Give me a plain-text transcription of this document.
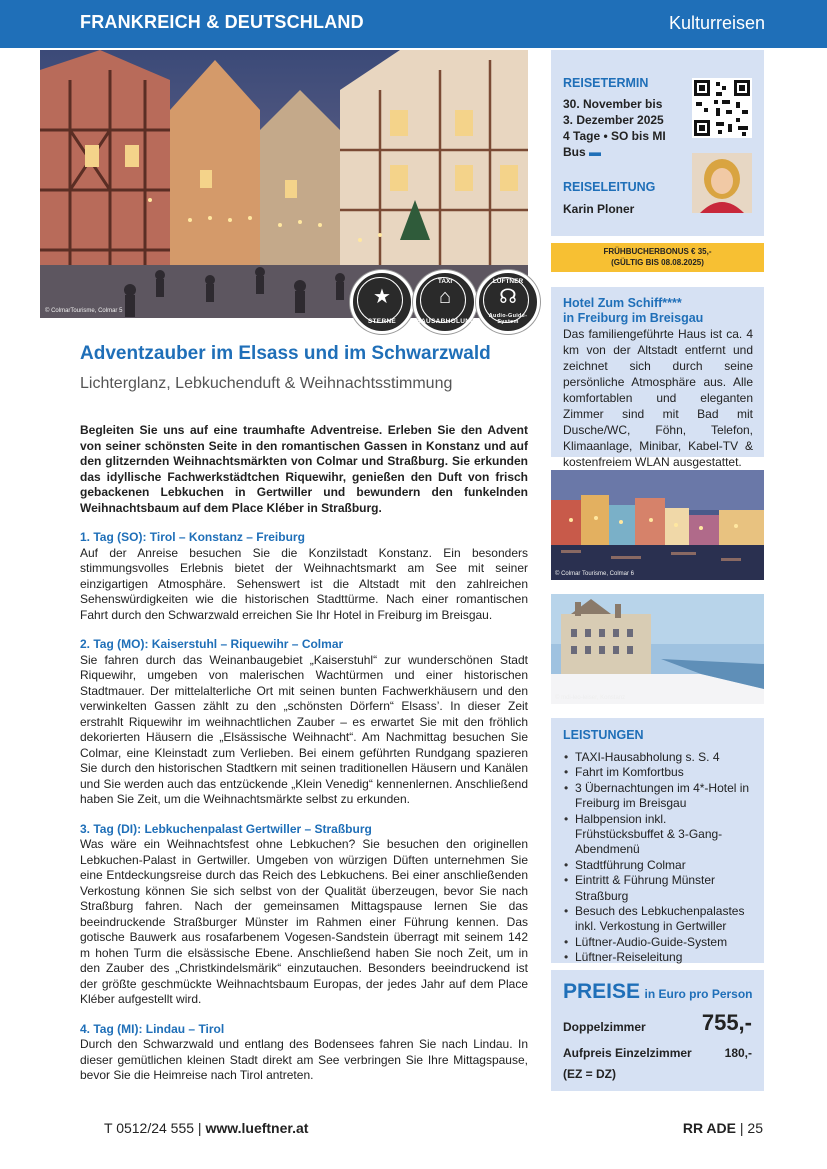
FRANKREICH & DEUTSCHLAND	Kulturreisen
© ColmarTourisme, Colmar 5
★
STERNE
TAXI
⌂
HAUSABHOLUNG
LÜFTNER
☊
Audio-Guide-System
Adventzauber im Elsass und im Schwarzwald
Lichterglanz, Lebkuchenduft & Weihnachtsstimmung

Begleiten Sie uns auf eine traumhafte Adventreise. Erleben Sie den Advent von seiner schönsten Seite in den romantischen Gassen in Konstanz und auf den glitzernden Weihnachtsmärkten von Colmar und Straßburg. Sie erkunden das idyllische Fachwerkstädtchen Riquewihr, genießen den Duft von frisch gebackenen Lebkuchen in Gertwiller und bewundern den funkelnden Weihnachtsbaum auf dem Place Kléber in Straßburg.

1. Tag (SO): Tirol – Konstanz – Freiburg

Auf der Anreise besuchen Sie die Konzilstadt Konstanz. Ein besonders stimmungsvolles Erlebnis bietet der Weihnachtsmarkt am See mit seiner einzigartigen Atmosphäre. Sehenswert ist die Altstadt mit den zahlreichen Sehenswürdigkeiten wie die historischen Stadttürme. Nach einer romantischen Fahrt durch den Schwarzwald erreichen Sie Ihr Hotel in Freiburg im Breisgau.

2. Tag (MO): Kaiserstuhl – Riquewihr – Colmar

Sie fahren durch das Weinanbaugebiet „Kaiserstuhl“ zur wunderschönen Stadt Riquewihr, umgeben von malerischen Wachtürmen und einer historischen Stadtmauer. Der mittelalterliche Ort mit seinen bunten Fachwerkhäusern und den verwinkelten Gassen zählt zu den „schönsten Dörfern“ Elsass’. In dieser Zeit erstrahlt Riquewihr im weihnachtlichen Zauber – es erwartet Sie mit den fröhlich dekorierten Häusern die „Elsässische Weihnacht“. Am Nachmittag besuchen Sie Colmar, eine Kleinstadt zum Verlieben. Bei einem geführten Rundgang spazieren Sie durch den historischen Stadtkern mit seinen traditionellen Häusern und Kanälen und Sie werden auch das entzückende „Klein Venedig“ kennenlernen. Anschließend haben Sie Zeit, um die Weihnachtsmärkte selbst zu erkunden.

3. Tag (DI): Lebkuchenpalast Gertwiller – Straßburg

Was wäre ein Weihnachtsfest ohne Lebkuchen? Sie besuchen den originellen Lebkuchen-Palast in Gertwiller. Umgeben von würzigen Düften unternehmen Sie eine Entdeckungsreise durch das Reich des Lebkuchens. Bei einer anschließenden Verkostung können Sie sich selbst von der Qualität überzeugen, bevor Sie nach Straßburg fahren. Nach der gemeinsamen Mittagspause lernen Sie das beeindruckende Straßburger Münster im Rahmen einer Führung kennen. Das gotische Bauwerk aus rosafarbenem Vogesen-Sandstein überragt mit seinem 142 m hohen Turm die elsässische Ebene. Anschließend haben Sie noch Zeit, um in den Zauber des „Christkindelsmärik“ einzutauchen. Besonders beeindruckend ist der größte geschmückte Weihnachtsbaum Europas, der jedes Jahr auf dem Place Kléber aufgestellt wird.

4. Tag (MI): Lindau – Tirol

Durch den Schwarzwald und entlang des Bodensees fahren Sie nach Lindau. In dieser gemütlichen kleinen Stadt direkt am See verbringen Sie Ihre Mittagspause, bevor Sie die Heimreise nach Tirol antreten.

REISETERMIN
30. November bis
3. Dezember 2025
4 Tage • SO bis MI
Bus ▬
REISELEITUNG
Karin Ploner
FRÜHBUCHERBONUS € 35,-
(GÜLTIG BIS 08.08.2025)
Hotel Zum Schiff****
in Freiburg im Breisgau
Das familiengeführte Haus ist ca. 4 km von der Altstadt entfernt und zeichnet sich durch seine persönliche Atmosphäre aus. Alle komfortablen und eleganten Zimmer sind mit Bad mit Dusche/WC, Föhn, Telefon, Klimaanlage, Minibar, Kabel-TV & kostenfreiem WLAN ausgestattet.
© Colmar Tourisme, Colmar 6
© mdi-leo-leiser, Konstanz
LEISTUNGEN
• TAXI-Hausabholung s. S. 4
• Fahrt im Komfortbus
• 3 Übernachtungen im 4*-Hotel in Freiburg im Breisgau
• Halbpension inkl. Frühstücksbuffet & 3-Gang-Abendmenü
• Stadtführung Colmar
• Eintritt & Führung Münster Straßburg
• Besuch des Lebkuchenpalastes inkl. Verkostung in Gertwiller
• Lüftner-Audio-Guide-System
• Lüftner-Reiseleitung
PREISE in Euro pro Person
Doppelzimmer	755,-
Aufpreis Einzelzimmer	180,-
(EZ = DZ)
T 0512/24 555 | www.lueftner.at	RR ADE | 25
